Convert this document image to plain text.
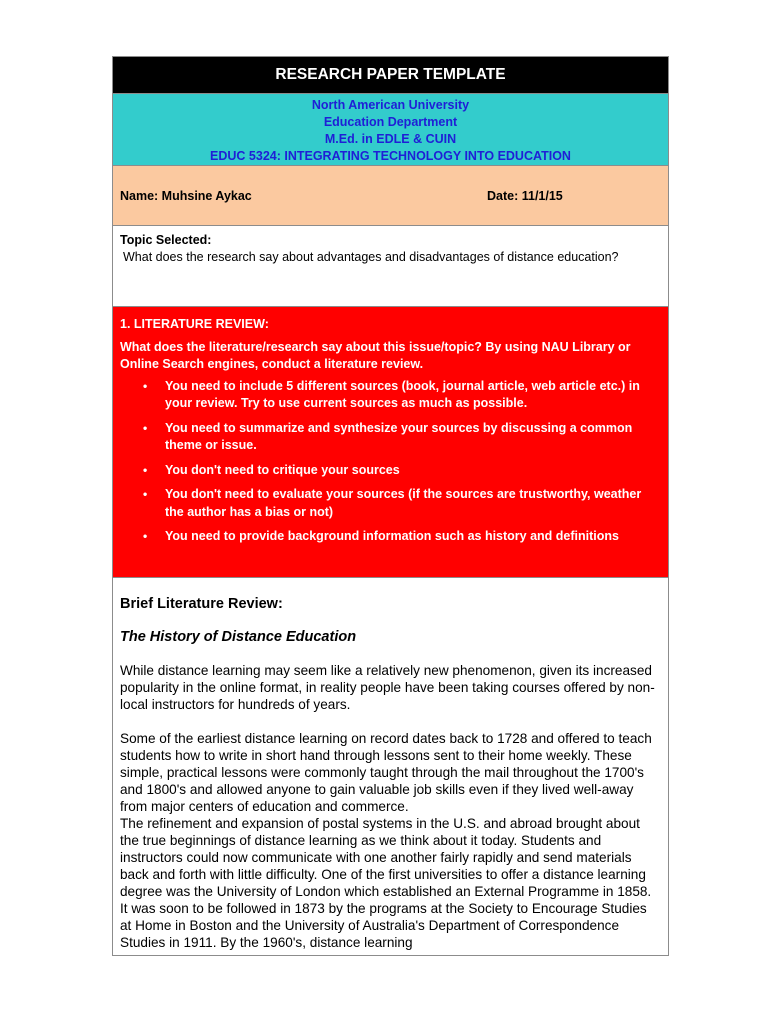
RESEARCH PAPER TEMPLATE
North American University
Education Department
M.Ed. in EDLE & CUIN
EDUC 5324: INTEGRATING TECHNOLOGY INTO EDUCATION
Name: Muhsine Aykac	Date: 11/1/15
Topic Selected:
What does the research say about advantages and disadvantages of distance education?
1. LITERATURE REVIEW:
What does the literature/research say about this issue/topic? By using NAU Library or Online Search engines, conduct a literature review.
• You need to include 5 different sources (book, journal article, web article etc.) in your review. Try to use current sources as much as possible.
• You need to summarize and synthesize your sources by discussing a common theme or issue.
• You don't need to critique your sources
• You don't need to evaluate your sources (if the sources are trustworthy, weather the author has a bias or not)
• You need to provide background information such as history and definitions
Brief Literature Review:
The History of Distance Education

While distance learning may seem like a relatively new phenomenon, given its increased popularity in the online format, in reality people have been taking courses offered by non-local instructors for hundreds of years.

Some of the earliest distance learning on record dates back to 1728 and offered to teach students how to write in short hand through lessons sent to their home weekly. These simple, practical lessons were commonly taught through the mail throughout the 1700's and 1800's and allowed anyone to gain valuable job skills even if they lived well-away from major centers of education and commerce.

The refinement and expansion of postal systems in the U.S. and abroad brought about the true beginnings of distance learning as we think about it today. Students and instructors could now communicate with one another fairly rapidly and send materials back and forth with little difficulty. One of the first universities to offer a distance learning degree was the University of London which established an External Programme in 1858. It was soon to be followed in 1873 by the programs at the Society to Encourage Studies at Home in Boston and the University of Australia's Department of Correspondence Studies in 1911. By the 1960's, distance learning
